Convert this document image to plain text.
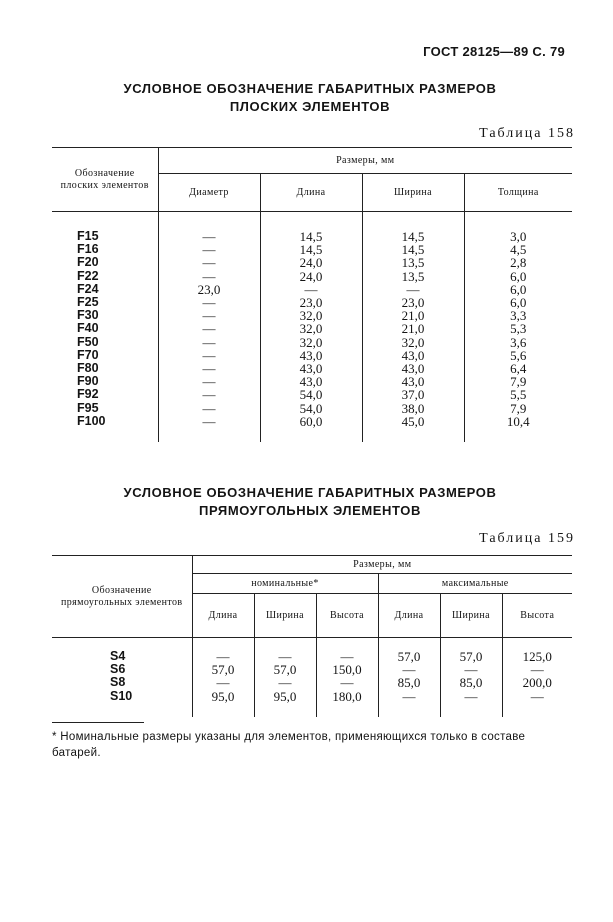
ГОСТ 28125—89 С. 79
УСЛОВНОЕ ОБОЗНАЧЕНИЕ ГАБАРИТНЫХ РАЗМЕРОВ
ПЛОСКИХ ЭЛЕМЕНТОВ
Таблица 158
Обозначение плоских элементов	Размеры, мм			
	Диаметр	Длина	Ширина	Толщина
F15	—	14,5	14,5	3,0
F16	—	14,5	14,5	4,5
F20	—	24,0	13,5	2,8
F22	—	24,0	13,5	6,0
F24	23,0	—	—	6,0
F25	—	23,0	23,0	6,0
F30	—	32,0	21,0	3,3
F40	—	32,0	21,0	5,3
F50	—	32,0	32,0	3,6
F70	—	43,0	43,0	5,6
F80	—	43,0	43,0	6,4
F90	—	43,0	43,0	7,9
F92	—	54,0	37,0	5,5
F95	—	54,0	38,0	7,9
F100	—	60,0	45,0	10,4
УСЛОВНОЕ ОБОЗНАЧЕНИЕ ГАБАРИТНЫХ РАЗМЕРОВ
ПРЯМОУГОЛЬНЫХ ЭЛЕМЕНТОВ
Таблица 159
Обозначение прямоугольных элементов	Размеры, мм					
	номинальные*			максимальные		
	Длина	Ширина	Высота	Длина	Ширина	Высота
S4	—	—	—	57,0	57,0	125,0
S6	57,0	57,0	150,0	—	—	—
S8	—	—	—	85,0	85,0	200,0
S10	95,0	95,0	180,0	—	—	—
* Номинальные размеры указаны для элементов, применяющихся только в составе батарей.
